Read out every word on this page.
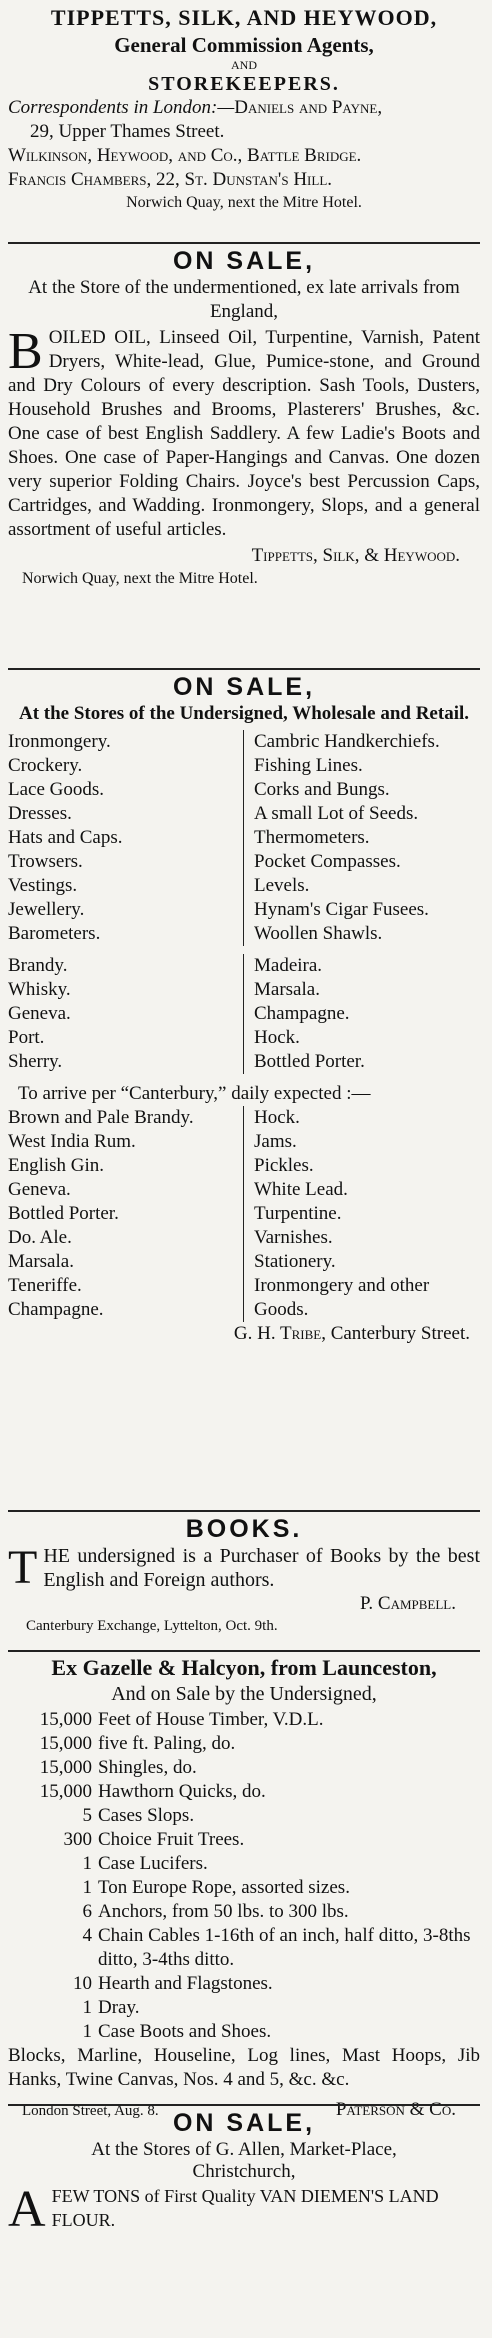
TIPPETTS, SILK, AND HEYWOOD,
General Commission Agents,
AND
STOREKEEPERS.
Correspondents in London:—Daniels and Payne,
29, Upper Thames Street.
Wilkinson, Heywood, and Co., Battle Bridge.
Francis Chambers, 22, St. Dunstan's Hill.
Norwich Quay, next the Mitre Hotel.
ON SALE,
At the Store of the undermentioned, ex late arrivals from England,
BOILED OIL, Linseed Oil, Turpentine, Varnish, Patent Dryers, White-lead, Glue, Pumice-stone, and Ground and Dry Colours of every description. Sash Tools, Dusters, Household Brushes and Brooms, Plasterers' Brushes, &c. One case of best English Saddlery. A few Ladie's Boots and Shoes. One case of Paper-Hangings and Canvas. One dozen very superior Folding Chairs. Joyce's best Percussion Caps, Cartridges, and Wadding. Ironmongery, Slops, and a general assortment of useful articles.
Tippetts, Silk, & Heywood.
Norwich Quay, next the Mitre Hotel.
ON SALE,
At the Stores of the Undersigned, Wholesale and Retail.
Ironmongery.
Crockery.
Lace Goods.
Dresses.
Hats and Caps.
Trowsers.
Vestings.
Jewellery.
Barometers.
Cambric Handkerchiefs.
Fishing Lines.
Corks and Bungs.
A small Lot of Seeds.
Thermometers.
Pocket Compasses.
Levels.
Hynam's Cigar Fusees.
Woollen Shawls.
Brandy.
Whisky.
Geneva.
Port.
Sherry.
Madeira.
Marsala.
Champagne.
Hock.
Bottled Porter.
To arrive per “Canterbury,” daily expected :—
Brown and Pale Brandy.
West India Rum.
English Gin.
Geneva.
Bottled Porter.
Do. Ale.
Marsala.
Teneriffe.
Champagne.
Hock.
Jams.
Pickles.
White Lead.
Turpentine.
Varnishes.
Stationery.
Ironmongery and other
Goods.
G. H. Tribe, Canterbury Street.
BOOKS.
THE undersigned is a Purchaser of Books by the best English and Foreign authors.
P. Campbell.
Canterbury Exchange, Lyttelton, Oct. 9th.
Ex Gazelle & Halcyon, from Launceston,
And on Sale by the Undersigned,
15,000 Feet of House Timber, V.D.L.
15,000 five ft. Paling, do.
15,000 Shingles, do.
15,000 Hawthorn Quicks, do.
5 Cases Slops.
300 Choice Fruit Trees.
1 Case Lucifers.
1 Ton Europe Rope, assorted sizes.
6 Anchors, from 50 lbs. to 300 lbs.
4 Chain Cables 1-16th of an inch, half ditto, 3-8ths ditto, 3-4ths ditto.
10 Hearth and Flagstones.
1 Dray.
1 Case Boots and Shoes.
Blocks, Marline, Houseline, Log lines, Mast Hoops, Jib Hanks, Twine Canvas, Nos. 4 and 5, &c. &c.
London Street, Aug. 8.	Paterson & Co.
ON SALE,
At the Stores of G. Allen, Market-Place,
Christchurch,
AFEW TONS of First Quality VAN DIEMEN'S LAND FLOUR.
